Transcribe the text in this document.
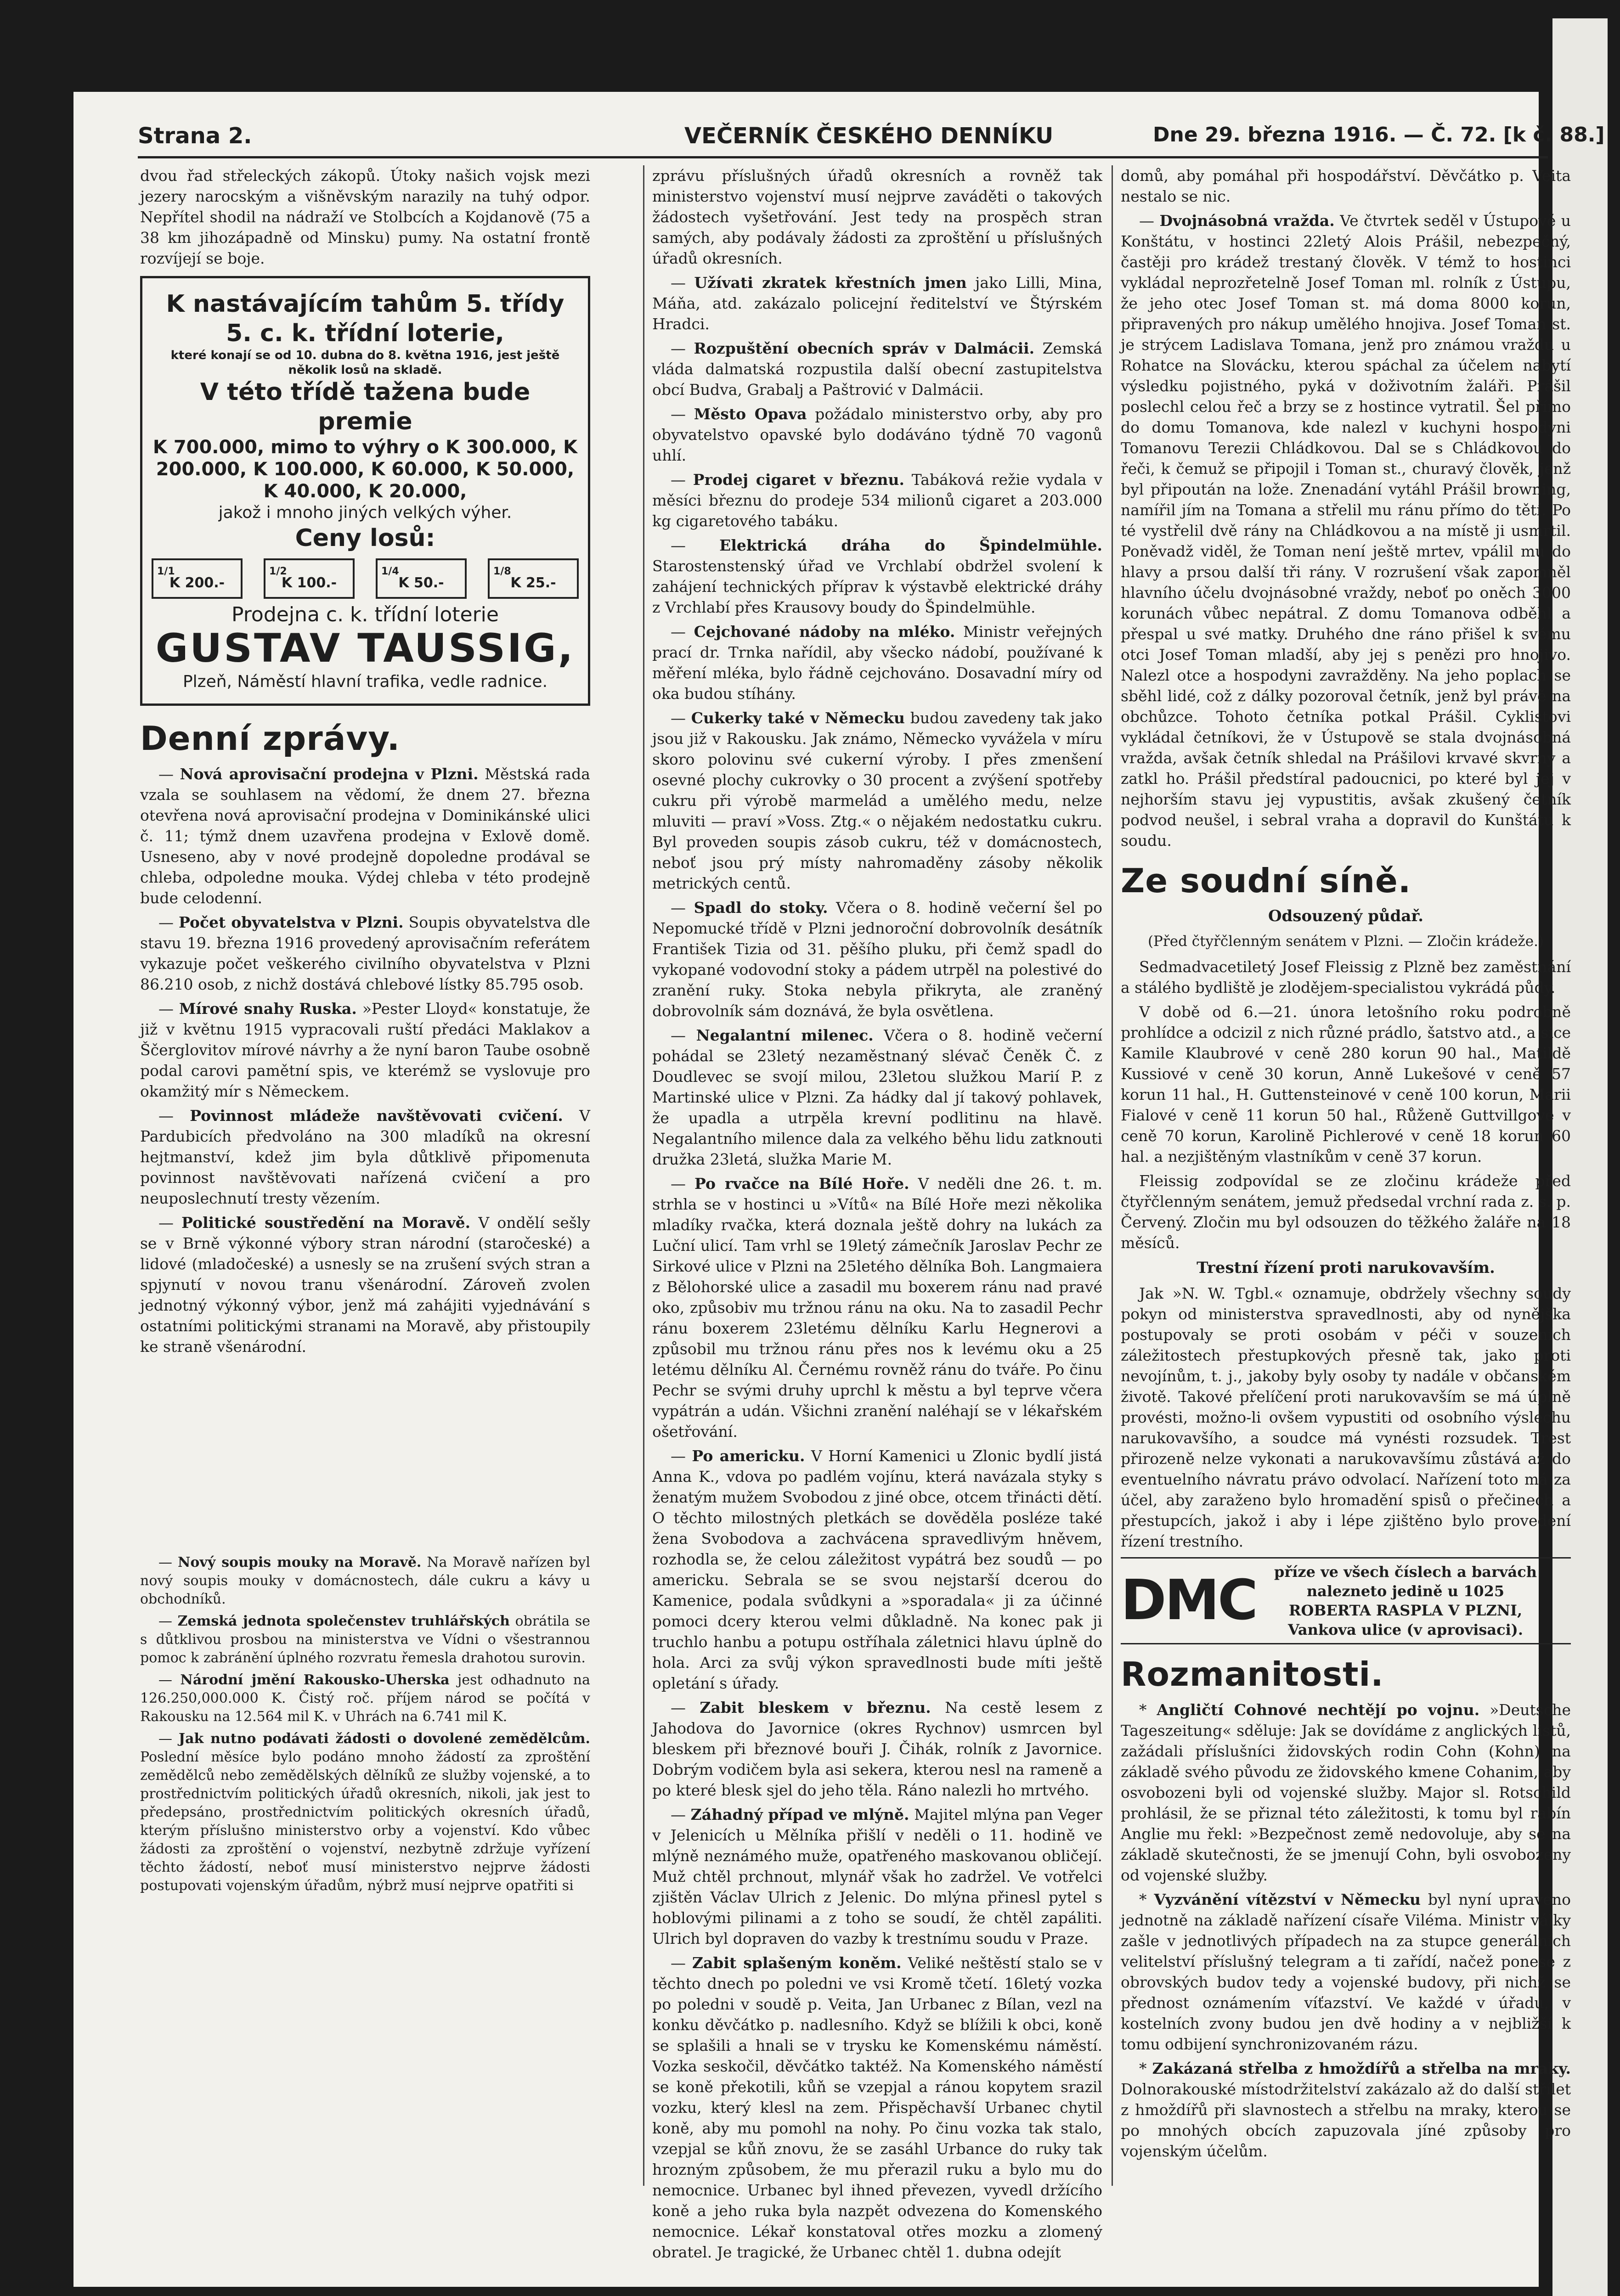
Strana 2.	VEČERNÍK ČESKÉHO DENNÍKU	Dne 29. března 1916. — Č. 72. [k č. 88.]

dvou řad střeleckých zákopů. Útoky našich vojsk mezi jezery narocským a višněvským narazily na tuhý odpor. Nepřítel shodil na nádraží ve Stolbcích a Kojdanově (75 a 38 km jihozápadně od Minsku) pumy. Na ostatní frontě rozvíjejí se boje.

K nastávajícím tahům 5. třídy
5. c. k. třídní loterie,
které konají se od 10. dubna do 8. května 1916, jest ještě několik losů na skladě.
V této třídě tažena bude premie
K 700.000, mimo to výhry o K 300.000, K 200.000, K 100.000, K 60.000, K 50.000, K 40.000, K 20.000,
jakož i mnoho jiných velkých výher.
Ceny losů:
1/1
K 200.-
1/2
K 100.-
1/4
K 50.-
1/8
K 25.-
Prodejna c. k. třídní loterie
GUSTAV TAUSSIG,
Plzeň, Náměstí hlavní trafika, vedle radnice.
Denní zprávy.

— Nová aprovisační prodejna v Plzni. Městská rada vzala se souhlasem na vědomí, že dnem 27. března otevřena nová aprovisační prodejna v Dominikánské ulici č. 11; týmž dnem uzavřena prodejna v Exlově domě. Usneseno, aby v nové prodejně dopoledne prodával se chleba, odpoledne mouka. Výdej chleba v této prodejně bude celodenní.

— Počet obyvatelstva v Plzni. Soupis obyvatelstva dle stavu 19. března 1916 provedený aprovisačním referátem vykazuje počet veškerého civilního obyvatelstva v Plzni 86.210 osob, z nichž dostává chlebové lístky 85.795 osob.

— Mírové snahy Ruska. »Pester Lloyd« konstatuje, že již v květnu 1915 vypracovali ruští předáci Maklakov a Ščerglovitov mírové návrhy a že nyní baron Taube osobně podal carovi pamětní spis, ve kterémž se vyslovuje pro okamžitý mír s Německem.

— Povinnost mládeže navštěvovati cvičení. V Pardubicích předvoláno na 300 mladíků na okresní hejtmanství, kdež jim byla důtklivě připomenuta povinnost navštěvovati nařízená cvičení a pro neuposlechnutí tresty vězením.

— Politické soustředění na Moravě. V ondělí sešly se v Brně výkonné výbory stran národní (staročeské) a lidové (mladočeské) a usnesly se na zrušení svých stran a spjynutí v novou tranu všenárodní. Zároveň zvolen jednotný výkonný výbor, jenž má zahájiti vyjednávání s ostatními politickými stranami na Moravě, aby přistoupily ke straně všenárodní.

— Nový soupis mouky na Moravě. Na Moravě nařízen byl nový soupis mouky v domácnostech, dále cukru a kávy u obchodníků.

— Zemská jednota společenstev truhlářských obrátila se s důtklivou prosbou na ministerstva ve Vídni o všestrannou pomoc k zabránění úplného rozvratu řemesla drahotou surovin.

— Národní jmění Rakousko-Uherska jest odhadnuto na 126.250,000.000 K. Čistý roč. příjem národ se počítá v Rakousku na 12.564 mil K. v Uhrách na 6.741 mil K.

— Jak nutno podávati žádosti o dovolené zemědělcům. Poslední měsíce bylo podáno mnoho žádostí za zproštění zemědělců nebo zemědělských dělníků ze služby vojenské, a to prostřednictvím politických úřadů okresních, nikoli, jak jest to předepsáno, prostřednictvím politických okresních úřadů, kterým příslušno ministerstvo orby a vojenství. Kdo vůbec žádosti za zproštění o vojenství, nezbytně zdržuje vyřízení těchto žádostí, neboť musí ministerstvo nejprve žádosti postupovati vojenským úřadům, nýbrž musí nejprve opatřiti si

zprávu příslušných úřadů okresních a rovněž tak ministerstvo vojenství musí nejprve zaváděti o takových žádostech vyšetřování. Jest tedy na prospěch stran samých, aby podávaly žádosti za zproštění u příslušných úřadů okresních.

— Užívati zkratek křestních jmen jako Lilli, Mina, Máňa, atd. zakázalo policejní ředitelství ve Štýrském Hradci.

— Rozpuštění obecních správ v Dalmácii. Zemská vláda dalmatská rozpustila další obecní zastupitelstva obcí Budva, Grabalj a Paštrović v Dalmácii.

— Město Opava požádalo ministerstvo orby, aby pro obyvatelstvo opavské bylo dodáváno týdně 70 vagonů uhlí.

— Prodej cigaret v březnu. Tabáková režie vydala v měsíci březnu do prodeje 534 milionů cigaret a 203.000 kg cigaretového tabáku.

— Elektrická dráha do Špindelmühle. Starostenstenský úřad ve Vrchlabí obdržel svolení k zahájení technických příprav k výstavbě elektrické dráhy z Vrchlabí přes Krausovy boudy do Špindelmühle.

— Cejchované nádoby na mléko. Ministr veřejných prací dr. Trnka nařídil, aby všecko nádobí, používané k měření mléka, bylo řádně cejchováno. Dosavadní míry od oka budou stíhány.

— Cukerky také v Německu budou zavedeny tak jako jsou již v Rakousku. Jak známo, Německo vyvážela v míru skoro polovinu své cukerní výroby. I přes zmenšení osevné plochy cukrovky o 30 procent a zvýšení spotřeby cukru při výrobě marmelád a umělého medu, nelze mluviti — praví »Voss. Ztg.« o nějakém nedostatku cukru. Byl proveden soupis zásob cukru, též v domácnostech, neboť jsou prý místy nahromaděny zásoby několik metrických centů.

— Spadl do stoky. Včera o 8. hodině večerní šel po Nepomucké třídě v Plzni jednoroční dobrovolník desátník František Tizia od 31. pěšího pluku, při čemž spadl do vykopané vodovodní stoky a pádem utrpěl na polestivé do zranění ruky. Stoka nebyla přikryta, ale zraněný dobrovolník sám doznává, že byla osvětlena.

— Negalantní milenec. Včera o 8. hodině večerní pohádal se 23letý nezaměstnaný slévač Čeněk Č. z Doudlevec se svojí milou, 23letou služkou Marií P. z Martinské ulice v Plzni. Za hádky dal jí takový pohlavek, že upadla a utrpěla krevní podlitinu na hlavě. Negalantního milence dala za velkého běhu lidu zatknouti družka 23letá, služka Marie M.

— Po rvačce na Bílé Hoře. V neděli dne 26. t. m. strhla se v hostinci u »Vítů« na Bílé Hoře mezi několika mladíky rvačka, která doznala ještě dohry na lukách za Luční ulicí. Tam vrhl se 19letý zámečník Jaroslav Pechr ze Sirkové ulice v Plzni na 25letého dělníka Boh. Langmaiera z Bělohorské ulice a zasadil mu boxerem ránu nad pravé oko, způsobiv mu tržnou ránu na oku. Na to zasadil Pechr ránu boxerem 23letému dělníku Karlu Hegnerovi a způsobil mu tržnou ránu přes nos k levému oku a 25 letému dělníku Al. Černému rovněž ránu do tváře. Po činu Pechr se svými druhy uprchl k městu a byl teprve včera vypátrán a udán. Všichni zranění naléhají se v lékařském ošetřování.

— Po americku. V Horní Kamenici u Zlonic bydlí jistá Anna K., vdova po padlém vojínu, která navázala styky s ženatým mužem Svobodou z jiné obce, otcem třinácti dětí. O těchto milostných pletkách se dověděla posléze také žena Svobodova a zachvácena spravedlivým hněvem, rozhodla se, že celou záležitost vypátrá bez soudů — po americku. Sebrala se se svou nejstarší dcerou do Kamenice, podala svůdkyni a »sporadala« ji za účinné pomoci dcery kterou velmi důkladně. Na konec pak ji truchlo hanbu a potupu ostříhala záletnici hlavu úplně do hola. Arci za svůj výkon spravedlnosti bude míti ještě opletání s úřady.

— Zabit bleskem v březnu. Na cestě lesem z Jahodova do Javornice (okres Rychnov) usmrcen byl bleskem při březnové bouři J. Čihák, rolník z Javornice. Dobrým vodičem byla asi sekera, kterou nesl na rameně a po které blesk sjel do jeho těla. Ráno nalezli ho mrtvého.

— Záhadný případ ve mlýně. Majitel mlýna pan Veger v Jelenicích u Mělníka přišlí v neděli o 11. hodině ve mlýně neznámého muže, opatřeného maskovanou obličejí. Muž chtěl prchnout, mlynář však ho zadržel. Ve votřelci zjištěn Václav Ulrich z Jelenic. Do mlýna přinesl pytel s hoblovými pilinami a z toho se soudí, že chtěl zapáliti. Ulrich byl dopraven do vazby k trestnímu soudu v Praze.

— Zabit splašeným koněm. Veliké neštěstí stalo se v těchto dnech po poledni ve vsi Kromě tčetí. 16letý vozka po poledni v soudě p. Veita, Jan Urbanec z Bílan, vezl na konku děvčátko p. nadlesního. Když se blížili k obci, koně se splašili a hnali se v trysku ke Komenskému náměstí. Vozka seskočil, děvčátko taktéž. Na Komenského náměstí se koně překotili, kůň se vzepjal a ránou kopytem srazil vozku, který klesl na zem. Přispěchavší Urbanec chytil koně, aby mu pomohl na nohy. Po činu vozka tak stalo, vzepjal se kůň znovu, že se zasáhl Urbance do ruky tak hrozným způsobem, že mu přerazil ruku a bylo mu do nemocnice. Urbanec byl ihned převezen, vyvedl držícího koně a jeho ruka byla nazpět odvezena do Komenského nemocnice. Lékař konstatoval otřes mozku a zlomený obratel. Je tragické, že Urbanec chtěl 1. dubna odejít

domů, aby pomáhal při hospodářství. Děvčátko p. Veita nestalo se nic.

— Dvojnásobná vražda. Ve čtvrtek seděl v Ústupově u Konštátu, v hostinci 22letý Alois Prášil, nebezpečný, častěji pro krádež trestaný člověk. V témž to hostinci vykládal neprozřetelně Josef Toman ml. rolník z Ústupu, že jeho otec Josef Toman st. má doma 8000 korun, připravených pro nákup umělého hnojiva. Josef Toman st. je strýcem Ladislava Tomana, jenž pro známou vraždu u Rohatce na Slovácku, kterou spáchal za účelem nabytí výsledku pojistného, pyká v doživotním žaláři. Prášil poslechl celou řeč a brzy se z hostince vytratil. Šel přímo do domu Tomanova, kde nalezl v kuchyni hospodyni Tomanovu Terezii Chládkovou. Dal se s Chládkovou do řeči, k čemuž se připojil i Toman st., churavý člověk, jenž byl připoután na lože. Znenadání vytáhl Prášil browning, namířil jím na Tomana a střelil mu ránu přímo do tětí. Po té vystřelil dvě rány na Chládkovou a na místě ji usmrtil. Poněvadž viděl, že Toman není ještě mrtev, vpálil mu do hlavy a prsou další tři rány. V rozrušení však zapomněl hlavního účelu dvojnásobné vraždy, neboť po oněch 3000 korunách vůbec nepátral. Z domu Tomanova odběhl a přespal u své matky. Druhého dne ráno přišel k svému otci Josef Toman mladší, aby jej s penězi pro hnojivo. Nalezl otce a hospodyni zavražděny. Na jeho poplach se sběhl lidé, což z dálky pozoroval četník, jenž byl právě na obchůzce. Tohoto četníka potkal Prášil. Cyklistovi vykládal četníkovi, že v Ústupově se stala dvojnásobná vražda, avšak četník shledal na Prášilovi krvavé skvrny a zatkl ho. Prášil předstíral padoucnici, po které byl jej v nejhorším stavu jej vypustitis, avšak zkušený četník podvod neušel, i sebral vraha a dopravil do Kunštátu k soudu.

Ze soudní síně.
Odsouzený půdař.
(Před čtyřčlenným senátem v Plzni. — Zločin krádeže.)

Sedmadvacetiletý Josef Fleissig z Plzně bez zaměstnání a stálého bydliště je zlodějem-specialistou vykrádá půdy.

V době od 6.—21. února letošního roku podrobně prohlídce a odcizil z nich různé prádlo, šatstvo atd., a sice Kamile Klaubrové v ceně 280 korun 90 hal., Matildě Kussiové v ceně 30 korun, Anně Lukešové v ceně 57 korun 11 hal., H. Guttensteinové v ceně 100 korun, Marii Fialové v ceně 11 korun 50 hal., Růženě Guttvillgové v ceně 70 korun, Karolině Pichlerové v ceně 18 korun 60 hal. a nezjištěným vlastníkům v ceně 37 korun.

Fleissig zodpovídal se ze zločinu krádeže před čtyřčlenným senátem, jemuž předsedal vrchní rada z. s. p. Červený. Zločin mu byl odsouzen do těžkého žaláře na 18 měsíců.

Trestní řízení proti narukovavším.

Jak »N. W. Tgbl.« oznamuje, obdržely všechny soudy pokyn od ministerstva spravedlnosti, aby od nynějška postupovaly se proti osobám v péči v souzeních záležitostech přestupkových přesně tak, jako proti nevojínům, t. j., jakoby byly osoby ty nadále v občanském životě. Takové přelíčení proti narukovavším se má úplně provésti, možno-li ovšem vypustiti od osobního výslechu narukovavšího, a soudce má vynésti rozsudek. Trest přirozeně nelze vykonati a narukovavšímu zůstává až do eventuelního návratu právo odvolací. Nařízení toto má za účel, aby zaraženo bylo hromadění spisů o přečinech a přestupcích, jakož i aby i lépe zjištěno bylo provedení řízení trestního.

DMC	příze ve všech číslech a barvách
nalezneto jedině u 1025
ROBERTA RASPLA V PLZNI,
Vankova ulice (v aprovisaci).
Rozmanitosti.

* Angličtí Cohnové nechtějí po vojnu. »Deutsche Tageszeitung« sděluje: Jak se dovídáme z anglických listů, zažádali příslušníci židovských rodin Cohn (Kohn) na základě svého původu ze židovského kmene Cohanim, aby osvobozeni byli od vojenské služby. Major sl. Rotschild prohlásil, že se přiznal této záležitosti, k tomu byl rabín Anglie mu řekl: »Bezpečnost země nedovoluje, aby se na základě skutečnosti, že se jmenují Cohn, byli osvobozeny od vojenské služby.

* Vyzvánění vítězství v Německu byl nyní upraveno jednotně na základě nařízení císaře Viléma. Ministr války zašle v jednotlivých případech na za stupce generálních velitelství příslušný telegram a ti zařídí, načež ponese z obrovských budov tedy a vojenské budovy, při nichž se přednost oznámením víťazství. Ve každé v úřadu, v kostelních zvony budou jen dvě hodiny a v nejbližší k tomu odbijení synchronizovaném rázu.

* Zakázaná střelba z hmoždířů a střelba na mraky. Dolnorakouské místodržitelství zakázalo až do další střílet z hmoždířů při slavnostech a střelbu na mraky, kterou se po mnohých obcích zapuzovala jíné způsoby pro vojenským účelům.
